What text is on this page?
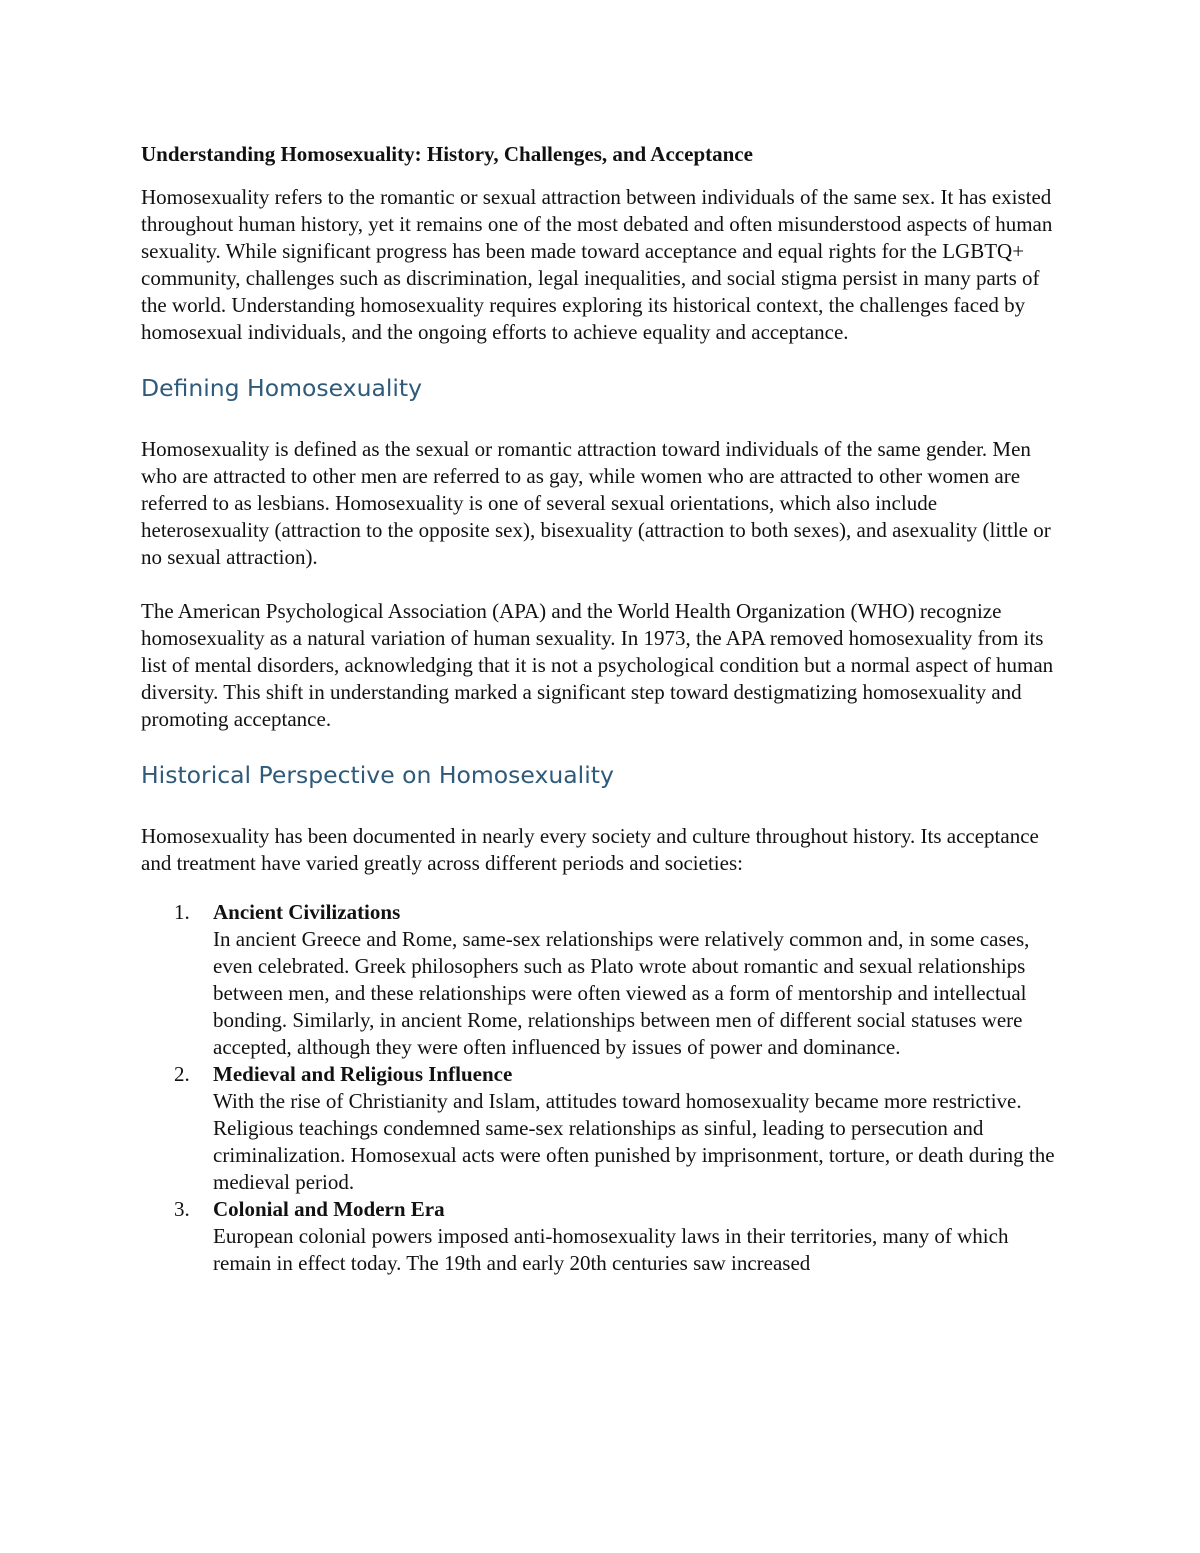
Understanding Homosexuality: History, Challenges, and Acceptance

Homosexuality refers to the romantic or sexual attraction between individuals of the same sex. It has existed throughout human history, yet it remains one of the most debated and often misunderstood aspects of human sexuality. While significant progress has been made toward acceptance and equal rights for the LGBTQ+ community, challenges such as discrimination, legal inequalities, and social stigma persist in many parts of the world. Understanding homosexuality requires exploring its historical context, the challenges faced by homosexual individuals, and the ongoing efforts to achieve equality and acceptance.

Defining Homosexuality

Homosexuality is defined as the sexual or romantic attraction toward individuals of the same gender. Men who are attracted to other men are referred to as gay, while women who are attracted to other women are referred to as lesbians. Homosexuality is one of several sexual orientations, which also include heterosexuality (attraction to the opposite sex), bisexuality (attraction to both sexes), and asexuality (little or no sexual attraction).

The American Psychological Association (APA) and the World Health Organization (WHO) recognize homosexuality as a natural variation of human sexuality. In 1973, the APA removed homosexuality from its list of mental disorders, acknowledging that it is not a psychological condition but a normal aspect of human diversity. This shift in understanding marked a significant step toward destigmatizing homosexuality and promoting acceptance.

Historical Perspective on Homosexuality

Homosexuality has been documented in nearly every society and culture throughout history. Its acceptance and treatment have varied greatly across different periods and societies:

1. Ancient Civilizations
In ancient Greece and Rome, same-sex relationships were relatively common and, in some cases, even celebrated. Greek philosophers such as Plato wrote about romantic and sexual relationships between men, and these relationships were often viewed as a form of mentorship and intellectual bonding. Similarly, in ancient Rome, relationships between men of different social statuses were accepted, although they were often influenced by issues of power and dominance.
2. Medieval and Religious Influence
With the rise of Christianity and Islam, attitudes toward homosexuality became more restrictive. Religious teachings condemned same-sex relationships as sinful, leading to persecution and criminalization. Homosexual acts were often punished by imprisonment, torture, or death during the medieval period.
3. Colonial and Modern Era
European colonial powers imposed anti-homosexuality laws in their territories, many of which remain in effect today. The 19th and early 20th centuries saw increased
